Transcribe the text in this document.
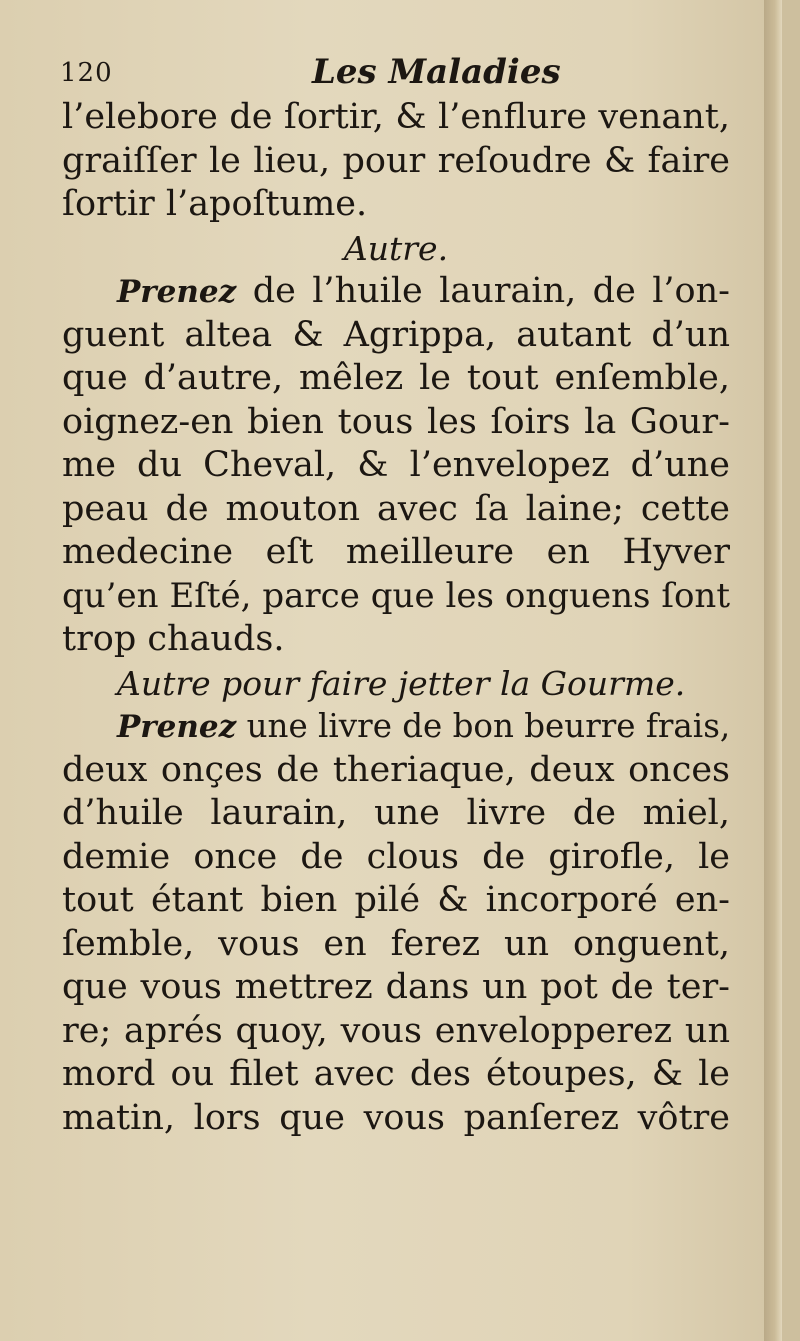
120	Les Maladies
l’elebore de ſortir, & l’enflure venant,
graiſſer le lieu, pour reſoudre & faire
ſortir l’apoſtume.
Autre.
Prenez de l’huile laurain, de l’on-
guent altea & Agrippa, autant d’un
que d’autre, mêlez le tout enſemble,
oignez-en bien tous les ſoirs la Gour-
me du Cheval, & l’envelopez d’une
peau de mouton avec ſa laine; cette
medecine eſt meilleure en Hyver
qu’en Eſté, parce que les onguens ſont
trop chauds.
Autre pour faire jetter la Gourme.
Prenez une livre de bon beurre frais,
deux onçes de theriaque, deux onces
d’huile laurain, une livre de miel,
demie once de clous de girofle, le
tout étant bien pilé & incorporé en-
ſemble, vous en ferez un onguent,
que vous mettrez dans un pot de ter-
re; aprés quoy, vous envelopperez un
mord ou filet avec des étoupes, & le
matin, lors que vous panſerez vôtre
